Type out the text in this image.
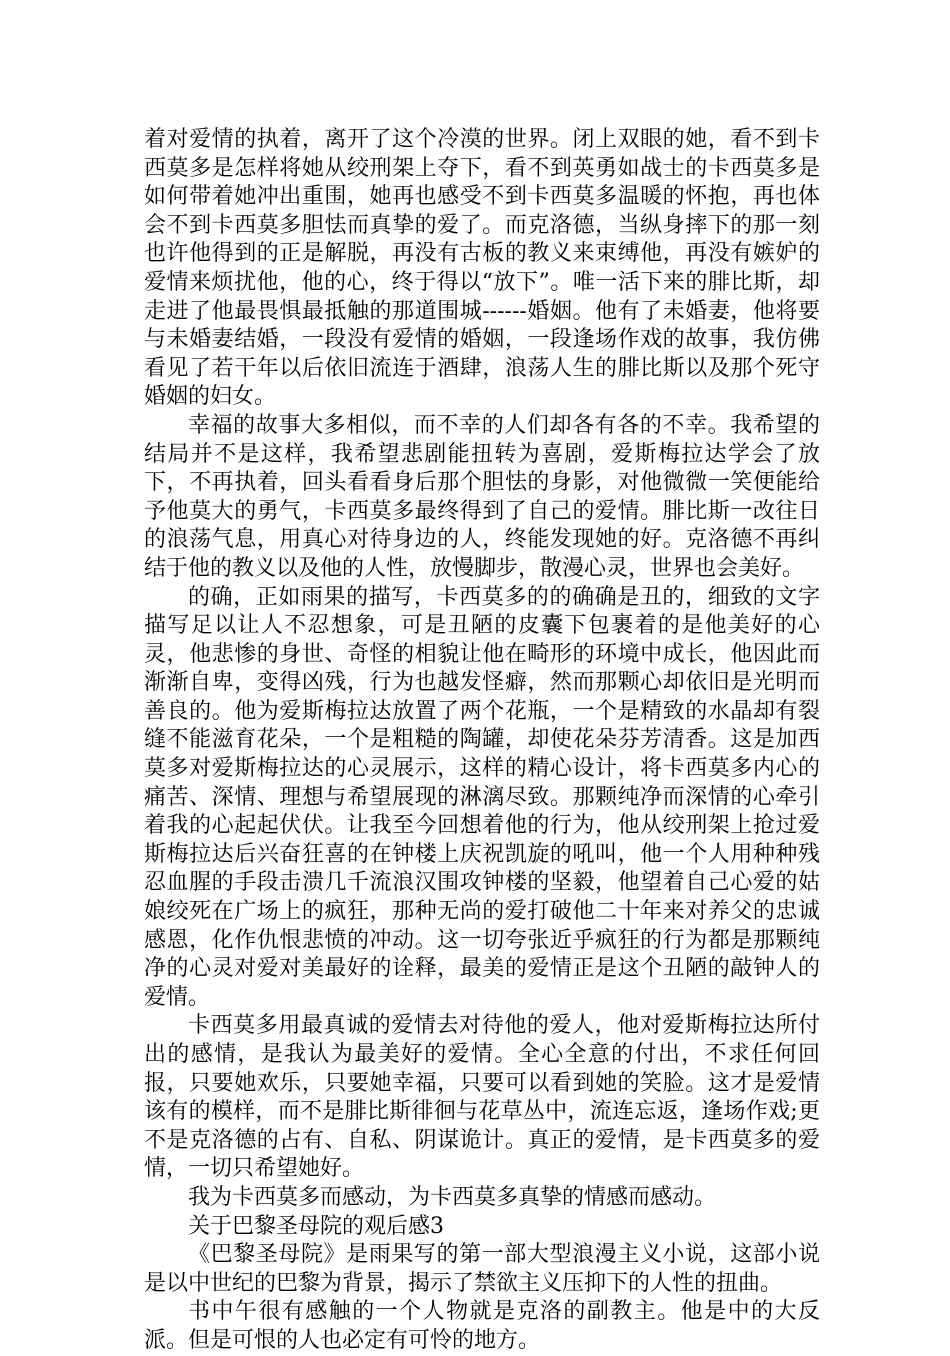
着对爱情的执着，离开了这个冷漠的世界。闭上双眼的她，看不到卡西莫多是怎样将她从绞刑架上夺下，看不到英勇如战士的卡西莫多是如何带着她冲出重围，她再也感受不到卡西莫多温暖的怀抱，再也体会不到卡西莫多胆怯而真挚的爱了。而克洛德，当纵身摔下的那一刻也许他得到的正是解脱，再没有古板的教义来束缚他，再没有嫉妒的爱情来烦扰他，他的心，终于得以“放下”。唯一活下来的腓比斯，却走进了他最畏惧最抵触的那道围城------婚姻。他有了未婚妻，他将要与未婚妻结婚，一段没有爱情的婚姻，一段逢场作戏的故事，我仿佛看见了若干年以后依旧流连于酒肆，浪荡人生的腓比斯以及那个死守婚姻的妇女。

幸福的故事大多相似，而不幸的人们却各有各的不幸。我希望的结局并不是这样，我希望悲剧能扭转为喜剧，爱斯梅拉达学会了放下，不再执着，回头看看身后那个胆怯的身影，对他微微一笑便能给予他莫大的勇气，卡西莫多最终得到了自己的爱情。腓比斯一改往日的浪荡气息，用真心对待身边的人，终能发现她的好。克洛德不再纠结于他的教义以及他的人性，放慢脚步，散漫心灵，世界也会美好。

的确，正如雨果的描写，卡西莫多的的确确是丑的，细致的文字描写足以让人不忍想象，可是丑陋的皮囊下包裹着的是他美好的心灵，他悲惨的身世、奇怪的相貌让他在畸形的环境中成长，他因此而渐渐自卑，变得凶残，行为也越发怪癖，然而那颗心却依旧是光明而善良的。他为爱斯梅拉达放置了两个花瓶，一个是精致的水晶却有裂缝不能滋育花朵，一个是粗糙的陶罐，却使花朵芬芳清香。这是加西莫多对爱斯梅拉达的心灵展示，这样的精心设计，将卡西莫多内心的痛苦、深情、理想与希望展现的淋漓尽致。那颗纯净而深情的心牵引着我的心起起伏伏。让我至今回想着他的行为，他从绞刑架上抢过爱斯梅拉达后兴奋狂喜的在钟楼上庆祝凯旋的吼叫，他一个人用种种残忍血腥的手段击溃几千流浪汉围攻钟楼的坚毅，他望着自己心爱的姑娘绞死在广场上的疯狂，那种无尚的爱打破他二十年来对养父的忠诚感恩，化作仇恨悲愤的冲动。这一切夸张近乎疯狂的行为都是那颗纯净的心灵对爱对美最好的诠释，最美的爱情正是这个丑陋的敲钟人的爱情。

卡西莫多用最真诚的爱情去对待他的爱人，他对爱斯梅拉达所付出的感情，是我认为最美好的爱情。全心全意的付出，不求任何回报，只要她欢乐，只要她幸福，只要可以看到她的笑脸。这才是爱情该有的模样，而不是腓比斯徘徊与花草丛中，流连忘返，逢场作戏;更不是克洛德的占有、自私、阴谋诡计。真正的爱情，是卡西莫多的爱情，一切只希望她好。

我为卡西莫多而感动，为卡西莫多真挚的情感而感动。

关于巴黎圣母院的观后感3

《巴黎圣母院》是雨果写的第一部大型浪漫主义小说，这部小说是以中世纪的巴黎为背景，揭示了禁欲主义压抑下的人性的扭曲。

书中午很有感触的一个人物就是克洛的副教主。他是中的大反派。但是可恨的人也必定有可怜的地方。
